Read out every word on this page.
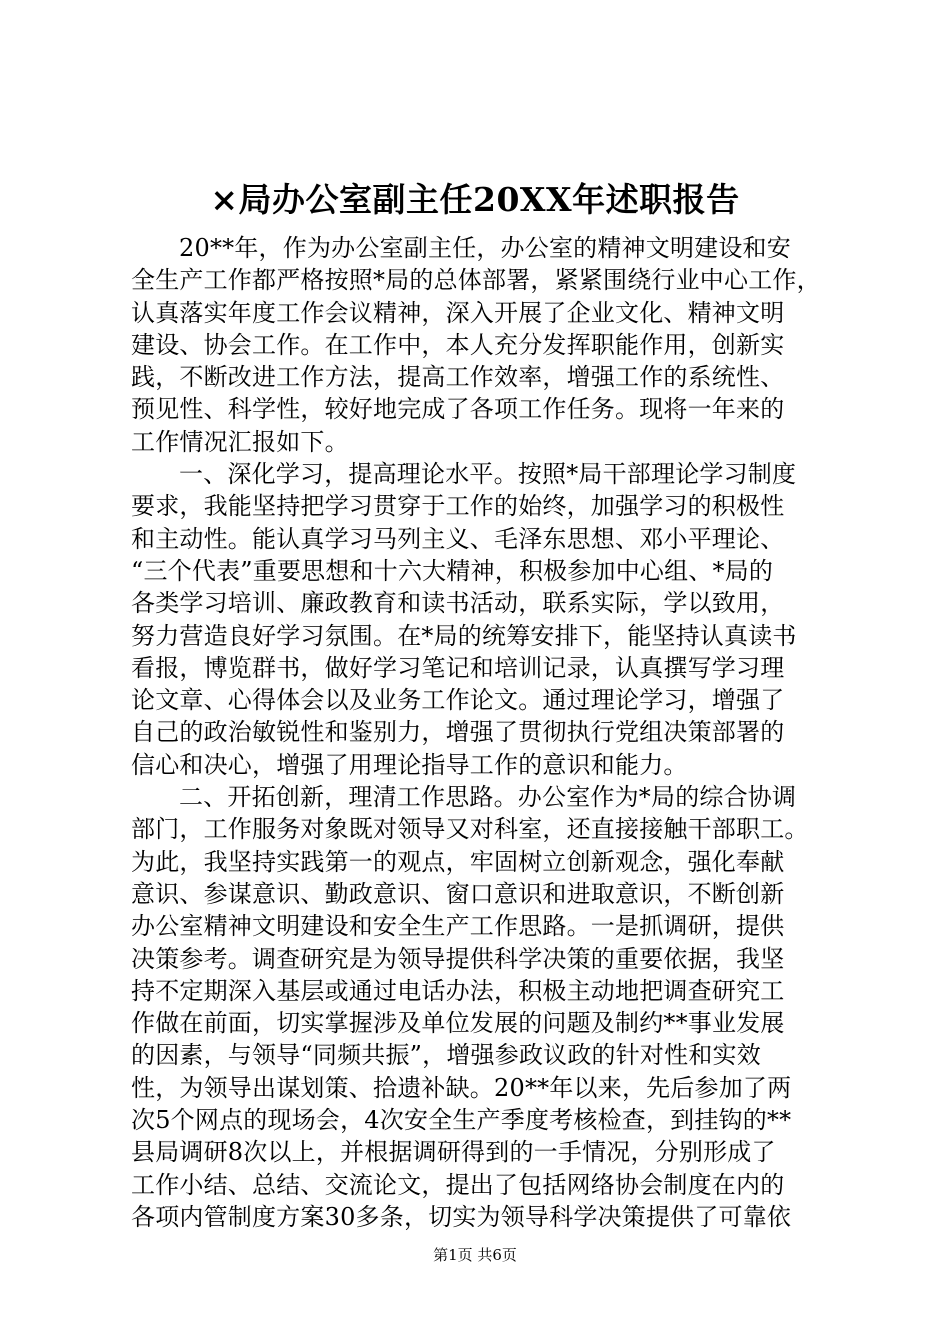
×局办公室副主任20XX年述职报告
20**年，作为办公室副主任，办公室的精神文明建设和安
全生产工作都严格按照*局的总体部署，紧紧围绕行业中心工作，
认真落实年度工作会议精神，深入开展了企业文化、精神文明
建设、协会工作。在工作中，本人充分发挥职能作用，创新实
践，不断改进工作方法，提高工作效率，增强工作的系统性、
预见性、科学性，较好地完成了各项工作任务。现将一年来的
工作情况汇报如下。
一、深化学习，提高理论水平。按照*局干部理论学习制度
要求，我能坚持把学习贯穿于工作的始终，加强学习的积极性
和主动性。能认真学习马列主义、毛泽东思想、邓小平理论、
“三个代表”重要思想和十六大精神，积极参加中心组、*局的
各类学习培训、廉政教育和读书活动，联系实际，学以致用，
努力营造良好学习氛围。在*局的统筹安排下，能坚持认真读书
看报，博览群书，做好学习笔记和培训记录，认真撰写学习理
论文章、心得体会以及业务工作论文。通过理论学习，增强了
自己的政治敏锐性和鉴别力，增强了贯彻执行党组决策部署的
信心和决心，增强了用理论指导工作的意识和能力。
二、开拓创新，理清工作思路。办公室作为*局的综合协调
部门，工作服务对象既对领导又对科室，还直接接触干部职工。
为此，我坚持实践第一的观点，牢固树立创新观念，强化奉献
意识、参谋意识、勤政意识、窗口意识和进取意识，不断创新
办公室精神文明建设和安全生产工作思路。一是抓调研，提供
决策参考。调查研究是为领导提供科学决策的重要依据，我坚
持不定期深入基层或通过电话办法，积极主动地把调查研究工
作做在前面，切实掌握涉及单位发展的问题及制约**事业发展
的因素，与领导“同频共振”，增强参政议政的针对性和实效
性，为领导出谋划策、拾遗补缺。20**年以来，先后参加了两
次5个网点的现场会，4次安全生产季度考核检查，到挂钩的**
县局调研8次以上，并根据调研得到的一手情况，分别形成了
工作小结、总结、交流论文，提出了包括网络协会制度在内的
各项内管制度方案30多条，切实为领导科学决策提供了可靠依
第1页 共6页
